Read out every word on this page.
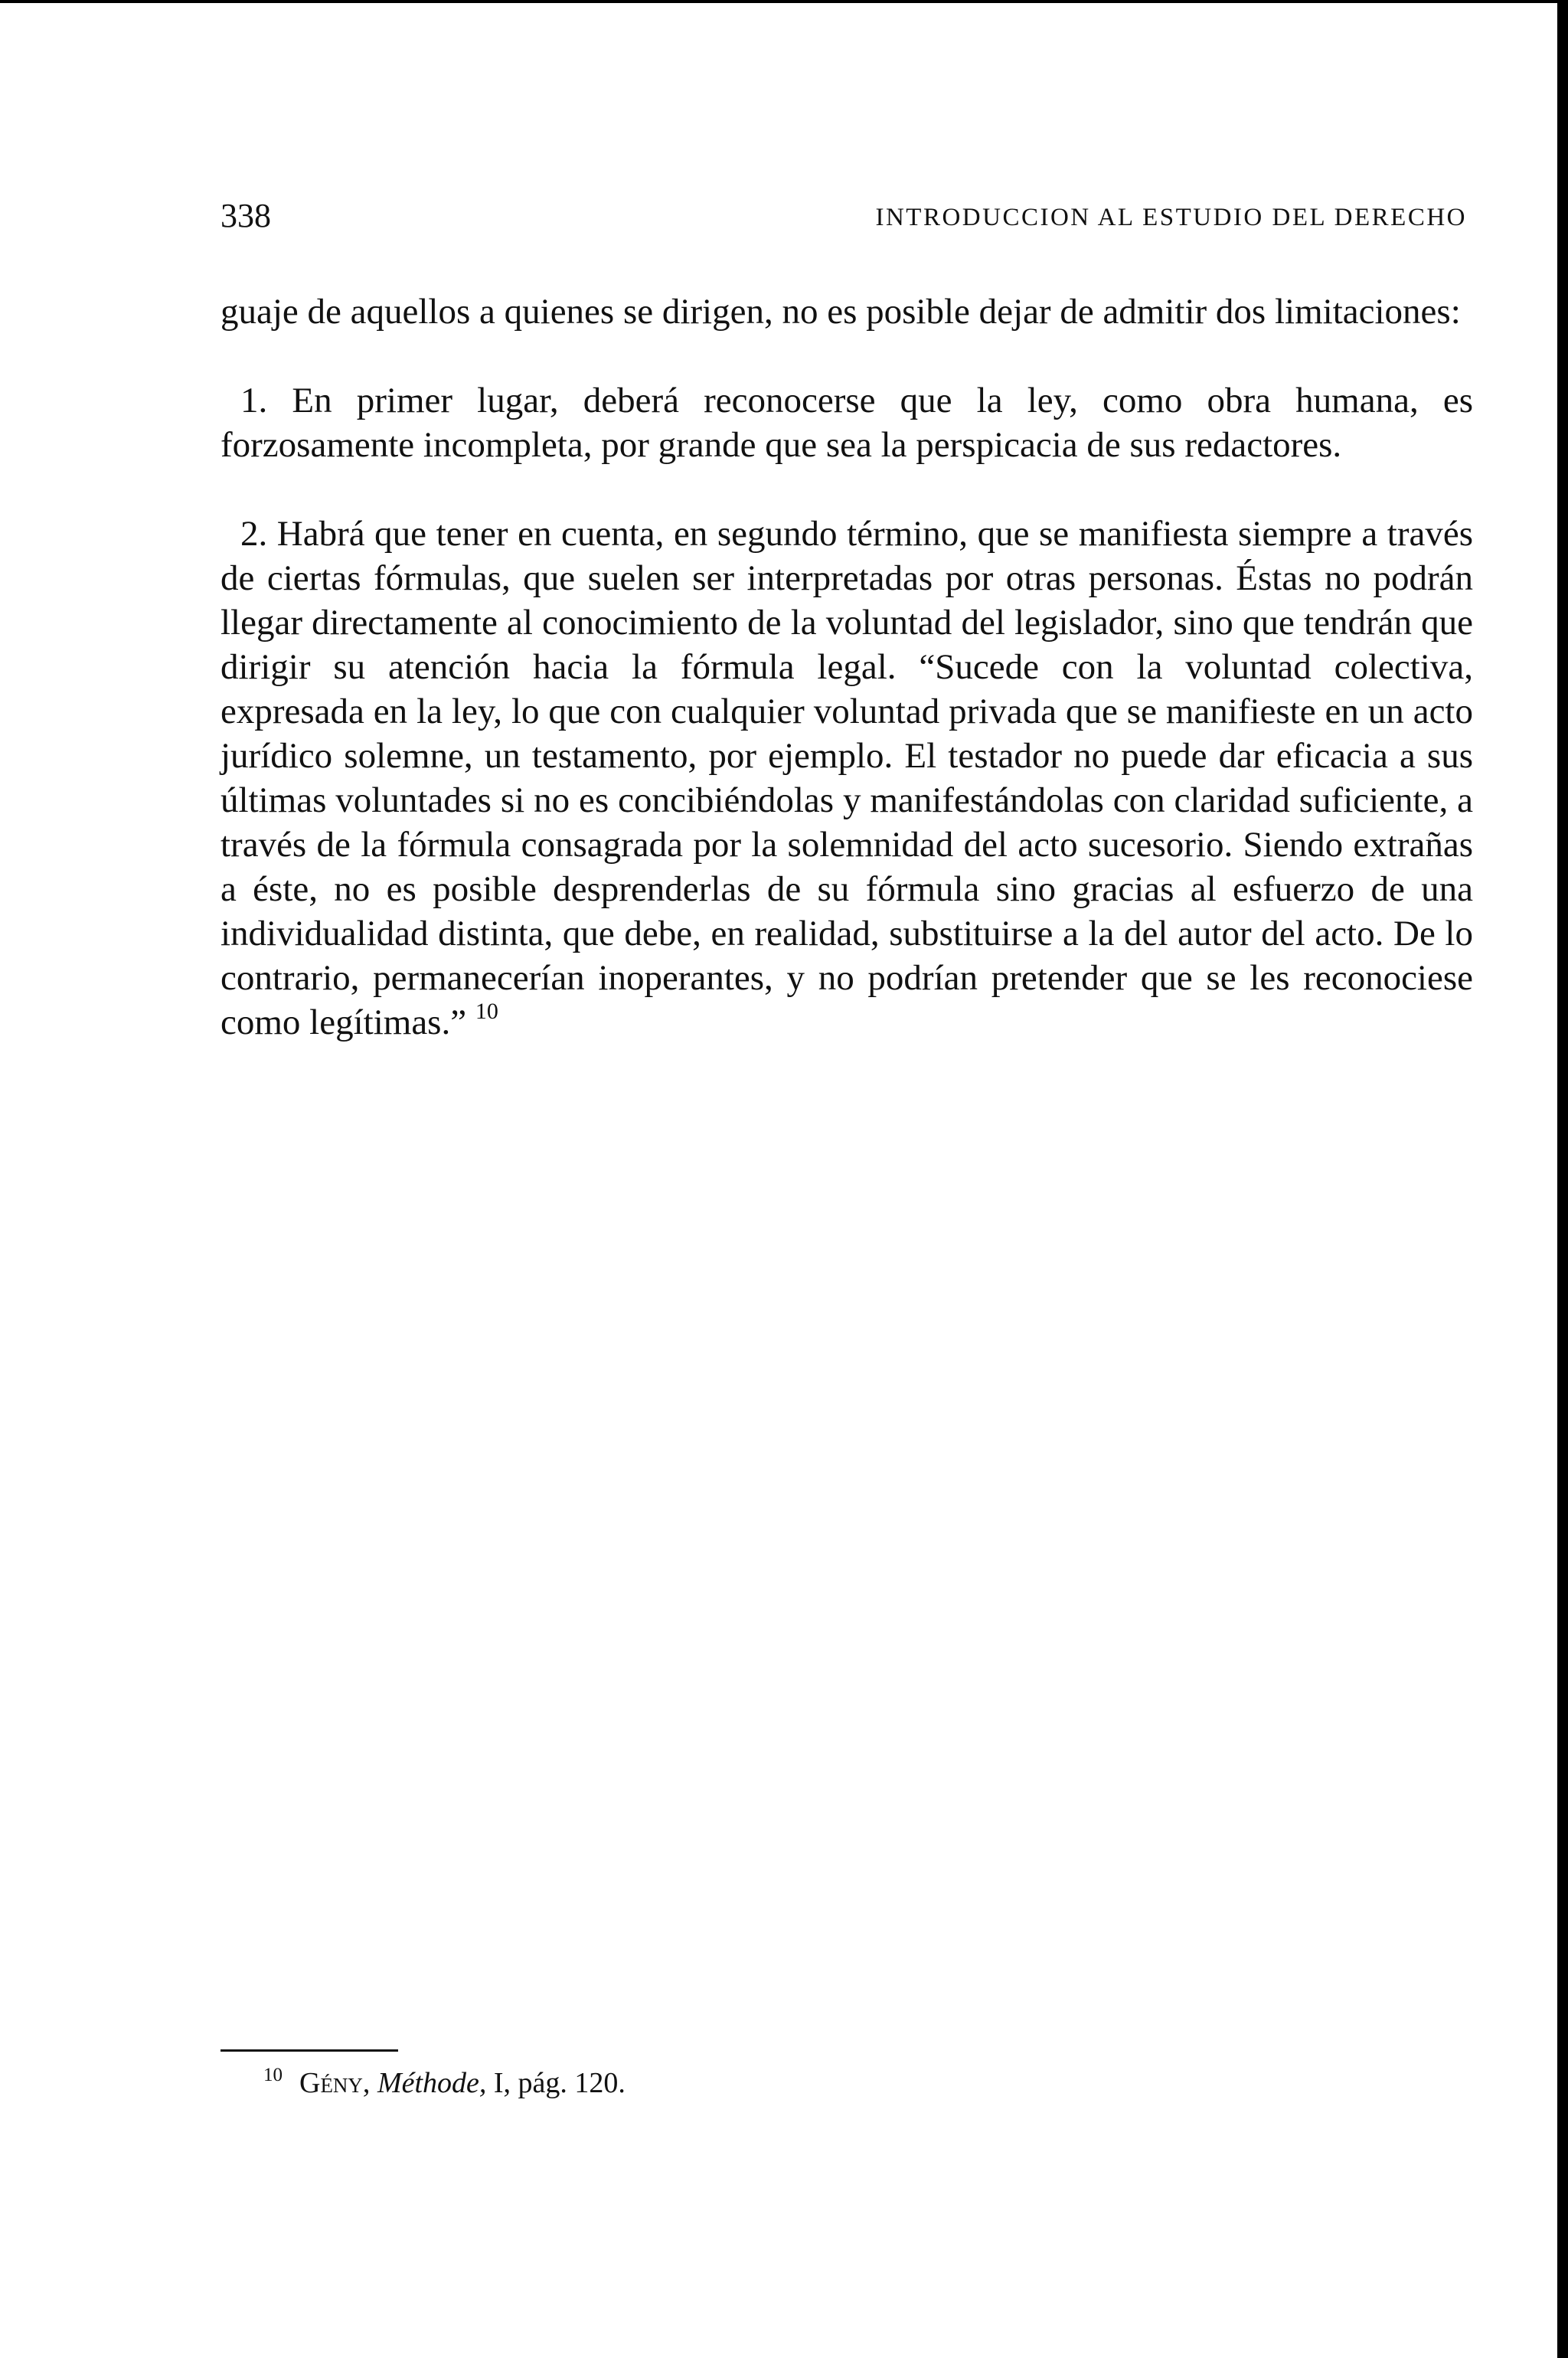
338	INTRODUCCION AL ESTUDIO DEL DERECHO

guaje de aquellos a quienes se dirigen, no es posible dejar de admitir dos limitaciones:

1. En primer lugar, deberá reconocerse que la ley, como obra humana, es forzosamente incompleta, por grande que sea la perspicacia de sus redactores.

2. Habrá que tener en cuenta, en segundo término, que se manifiesta siempre a través de ciertas fórmulas, que suelen ser interpretadas por otras personas. Éstas no podrán llegar directamente al conocimiento de la voluntad del legislador, sino que tendrán que dirigir su atención hacia la fórmula legal. “Sucede con la voluntad colectiva, expresada en la ley, lo que con cualquier voluntad privada que se manifieste en un acto jurídico solemne, un testamento, por ejemplo. El testador no puede dar eficacia a sus últimas voluntades si no es concibiéndolas y manifestándolas con claridad suficiente, a través de la fórmula consagrada por la solemnidad del acto sucesorio. Siendo extrañas a éste, no es posible desprenderlas de su fórmula sino gracias al esfuerzo de una individualidad distinta, que debe, en realidad, substituirse a la del autor del acto. De lo contrario, permanecerían inoperantes, y no podrían pretender que se les reconociese como legítimas.” $^{10}$

$^{10}$ Gény, Méthode, I, pág. 120.
